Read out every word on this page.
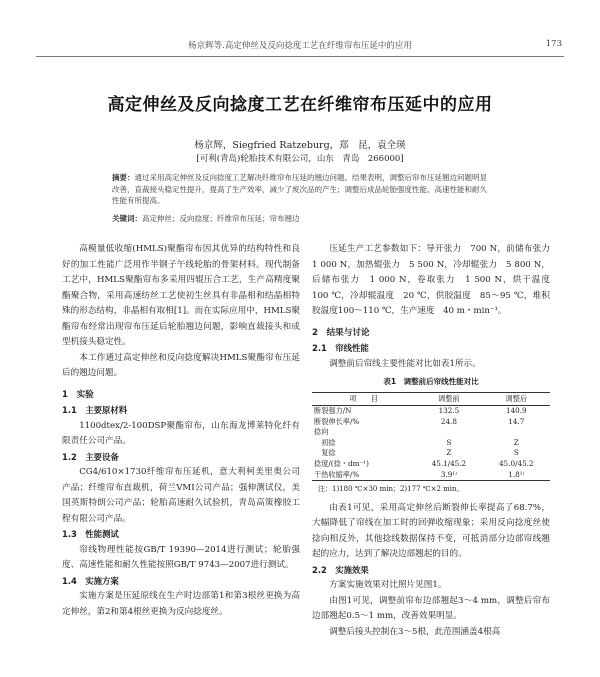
杨京辉等.高定伸丝及反向捻度工艺在纤维帘布压延中的应用	173
高定伸丝及反向捻度工艺在纤维帘布压延中的应用
杨京辉，Siegfried Ratzeburg，郑　昆，袁全瑛
[可利(青岛)轮胎技术有限公司，山东　青岛　266000]
摘要：通过采用高定伸丝及反向捻度工艺解决纤维帘布压延的翘边问题。结果表明，调整后帘布压延翘边问题明显改善，直裁接头稳定性提升，提高了生产效率，减少了废次品的产生；调整后成品轮胎强度性能、高速性能和耐久性能有所提高。
关键词：高定伸丝；反向捻度；纤维帘布压延；帘布翘边

高模量低收缩(HMLS)聚酯帘布因其优异的结构特性和良好的加工性能广泛用作半钢子午线轮胎的骨架材料。现代制备工艺中，HMLS聚酯帘布多采用四辊压合工艺，生产高精度聚酯聚合物，采用高速纺丝工艺使初生丝具有非晶相和结晶相特殊的形态结构，非晶相有取相[1]。而在实际应用中，HMLS聚酯帘布经常出现帘布压延后轮胎翘边问题，影响直裁接头和成型机接头稳定性。

本工作通过高定伸丝和反向捻度解决HMLS聚酯帘布压延后的翘边问题。

1　实验
1.1　主要原材料

1100dtex/2-100DSP聚酯帘布，山东海龙博莱特化纤有限责任公司产品。

1.2　主要设备

CG4/610×1730纤维帘布压延机，意大利柯美里奥公司产品；纤维帘布直裁机，荷兰VMI公司产品；强伸测试仪，美国英斯特朗公司产品；轮胎高速耐久试验机，青岛高策橡胶工程有限公司产品。

1.3　性能测试

帘线物理性能按GB/T 19390—2014进行测试；轮胎强度、高速性能和耐久性能按照GB/T 9743—2007进行测试。

1.4　实施方案

实施方案是压延原线在生产时边部第1和第3根丝更换为高定伸丝，第2和第4根丝更换为反向捻度丝。

压延生产工艺参数如下：导开张力　700 N，前储布张力　1 000 N，加热辊张力　5 500 N，冷却辊张力　5 800 N，后储布张力　1 000 N，卷取张力　1 500 N，烘干温度　100 ℃，冷却辊温度　20 ℃，供胶温度　85～95 ℃，堆积胶温度100～110 ℃，生产速度　40 m・min⁻¹。

2　结果与讨论
2.1　帘线性能

调整前后帘线主要性能对比如表1所示。

表1　调整前后帘线性能对比
项　　目	调整前	调整后
断裂强力/N	132.5	140.9
断裂伸长率/%	24.8	14.7
捻向		
　初捻	S	Z
　复捻	Z	S
捻度/(捻・dm⁻¹)	45.1/45.2	45.0/45.2
干热收缩率/%	3.9¹⁾	1.8¹⁾
注：1)180 ℃×30 min；2)177 ℃×2 min。

由表1可见，采用高定伸丝后断裂伸长率提高了68.7%，大幅降低了帘线在加工时的回弹收缩现象；采用反向捻度丝使捻向相反外，其他捻线数据保持不变，可抵消部分边部帘线翘起的应力，达到了解决边部翘起的目的。

2.2　实施效果

方案实施效果对比照片见图1。

由图1可见，调整前帘布边部翘起3～4 mm，调整后帘布边部翘起0.5～1 mm，改善效果明显。

调整后接头控制在3～5根，此范围涵盖4根高
